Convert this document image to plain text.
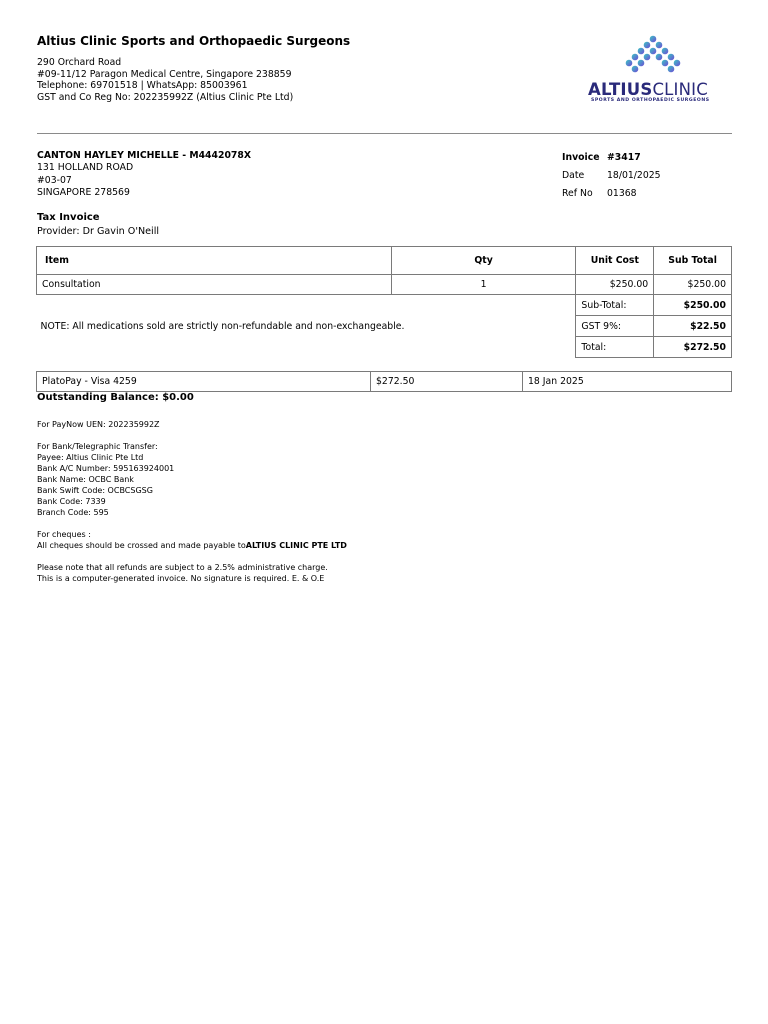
Altius Clinic Sports and Orthopaedic Surgeons
290 Orchard Road
#09-11/12 Paragon Medical Centre, Singapore 238859
Telephone: 69701518 | WhatsApp: 85003961
GST and Co Reg No: 202235992Z (Altius Clinic Pte Ltd)	ALTIUSCLINIC
SPORTS AND ORTHOPAEDIC SURGEONS
CANTON HAYLEY MICHELLE - M4442078X
131 HOLLAND ROAD
#03-07
SINGAPORE 278569
Invoice #3417
Date	18/01/2025
Ref No	01368
Tax Invoice
Provider: Dr Gavin O'Neill
Item	Qty	Unit Cost	Sub Total
Consultation	1	$250.00	$250.00
NOTE: All medications sold are strictly non-refundable and non-exchangeable.		Sub-Total:	$250.00
		GST 9%:	$22.50
		Total:	$272.50
PlatoPay - Visa 4259	$272.50	18 Jan 2025
Outstanding Balance: $0.00

For PayNow UEN: 202235992Z

For Bank/Telegraphic Transfer:

Payee: Altius Clinic Pte Ltd

Bank A/C Number: 595163924001

Bank Name: OCBC Bank

Bank Swift Code: OCBCSGSG

Bank Code: 7339

Branch Code: 595

For cheques :

All cheques should be crossed and made payable toALTIUS CLINIC PTE LTD

Please note that all refunds are subject to a 2.5% administrative charge.

This is a computer-generated invoice. No signature is required. E. & O.E
